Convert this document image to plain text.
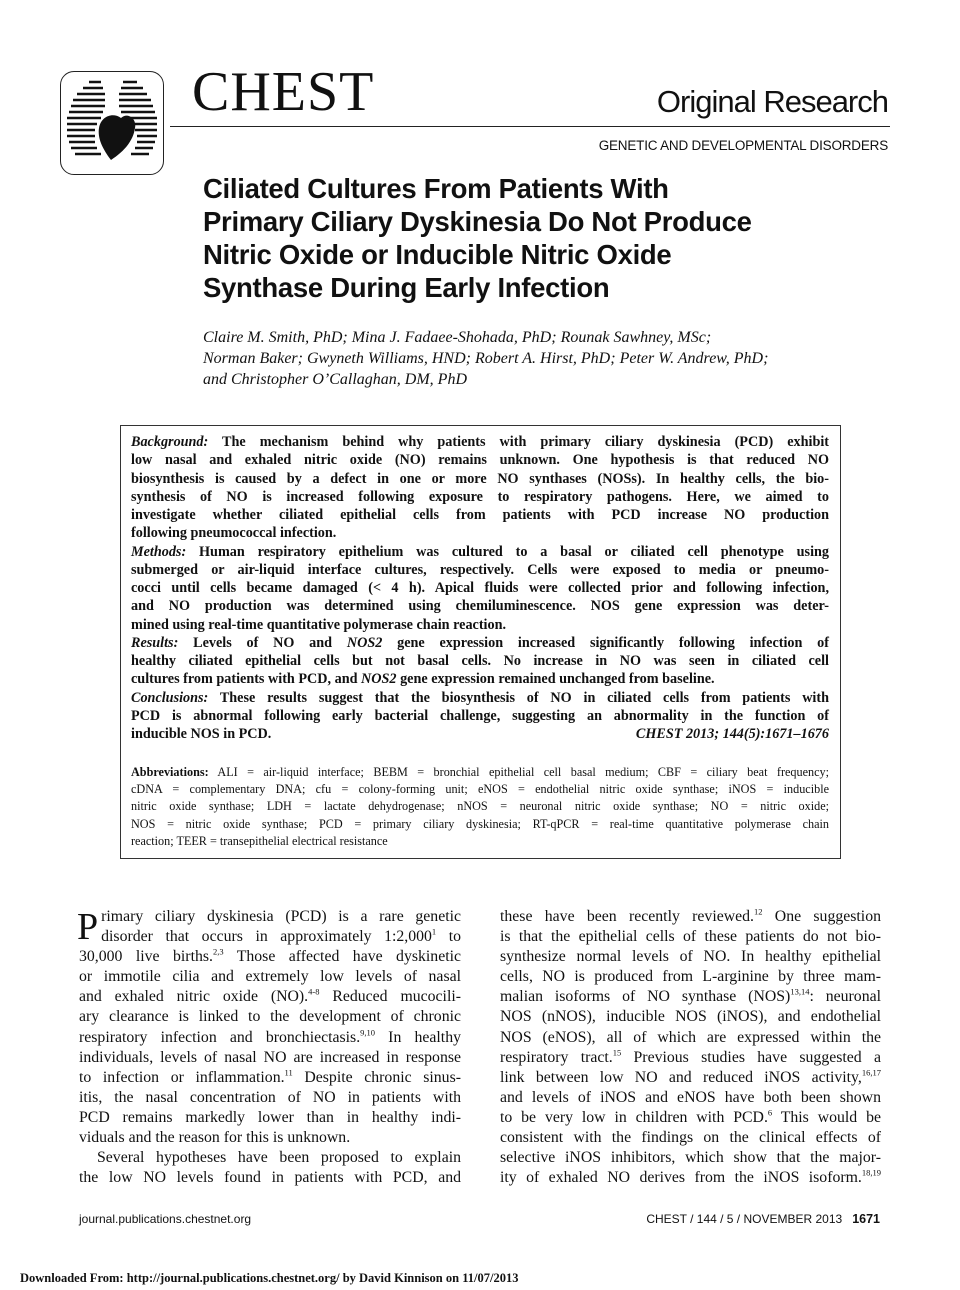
CHEST	Original Research
GENETIC AND DEVELOPMENTAL DISORDERS
Ciliated Cultures From Patients With
Primary Ciliary Dyskinesia Do Not Produce
Nitric Oxide or Inducible Nitric Oxide
Synthase During Early Infection
Claire M. Smith, PhD; Mina J. Fadaee-Shohada, PhD; Rounak Sawhney, MSc;
Norman Baker; Gwyneth Williams, HND; Robert A. Hirst, PhD; Peter W. Andrew, PhD;
and Christopher O’Callaghan, DM, PhD
Background: The mechanism behind why patients with primary ciliary dyskinesia (PCD) exhibit
low nasal and exhaled nitric oxide (NO) remains unknown. One hypothesis is that reduced NO
biosynthesis is caused by a defect in one or more NO synthases (NOSs). In healthy cells, the bio-
synthesis of NO is increased following exposure to respiratory pathogens. Here, we aimed to
investigate whether ciliated epithelial cells from patients with PCD increase NO production
following pneumococcal infection.
Methods: Human respiratory epithelium was cultured to a basal or ciliated cell phenotype using
submerged or air-liquid interface cultures, respectively. Cells were exposed to media or pneumo-
cocci until cells became damaged (< 4 h). Apical fluids were collected prior and following infection,
and NO production was determined using chemiluminescence. NOS gene expression was deter-
mined using real-time quantitative polymerase chain reaction.
Results: Levels of NO and NOS2 gene expression increased significantly following infection of
healthy ciliated epithelial cells but not basal cells. No increase in NO was seen in ciliated cell
cultures from patients with PCD, and NOS2 gene expression remained unchanged from baseline.
Conclusions: These results suggest that the biosynthesis of NO in ciliated cells from patients with
PCD is abnormal following early bacterial challenge, suggesting an abnormality in the function of
inducible NOS in PCD.	CHEST 2013; 144(5):1671–1676
Abbreviations: ALI = air-liquid interface; BEBM = bronchial epithelial cell basal medium; CBF = ciliary beat frequency;
cDNA = complementary DNA; cfu = colony-forming unit; eNOS = endothelial nitric oxide synthase; iNOS = inducible
nitric oxide synthase; LDH = lactate dehydrogenase; nNOS = neuronal nitric oxide synthase; NO = nitric oxide;
NOS = nitric oxide synthase; PCD = primary ciliary dyskinesia; RT-qPCR = real-time quantitative polymerase chain
reaction; TEER = transepithelial electrical resistance
P rimary ciliary dyskinesia (PCD) is a rare genetic
disorder that occurs in approximately 1:2,000$^1$ to
30,000 live births.$^{2,3}$ Those affected have dyskinetic
or immotile cilia and extremely low levels of nasal
and exhaled nitric oxide (NO).$^{4-8}$ Reduced mucocili-
ary clearance is linked to the development of chronic
respiratory infection and bronchiectasis.$^{9,10}$ In healthy
individuals, levels of nasal NO are increased in response
to infection or inflammation.$^{11}$ Despite chronic sinus-
itis, the nasal concentration of NO in patients with
PCD remains markedly lower than in healthy indi-
viduals and the reason for this is unknown.
Several hypotheses have been proposed to explain
the low NO levels found in patients with PCD, and
these have been recently reviewed.$^{12}$ One suggestion
is that the epithelial cells of these patients do not bio-
synthesize normal levels of NO. In healthy epithelial
cells, NO is produced from L-arginine by three mam-
malian isoforms of NO synthase (NOS)$^{13,14}$: neuronal
NOS (nNOS), inducible NOS (iNOS), and endothelial
NOS (eNOS), all of which are expressed within the
respiratory tract.$^{15}$ Previous studies have suggested a
link between low NO and reduced iNOS activity,$^{16,17}$
and levels of iNOS and eNOS have both been shown
to be very low in children with PCD.$^6$ This would be
consistent with the findings on the clinical effects of
selective iNOS inhibitors, which show that the major-
ity of exhaled NO derives from the iNOS isoform.$^{18,19}$
journal.publications.chestnet.org	CHEST / 144 / 5 / NOVEMBER 2013 1671
Downloaded From: http://journal.publications.chestnet.org/ by David Kinnison on 11/07/2013
